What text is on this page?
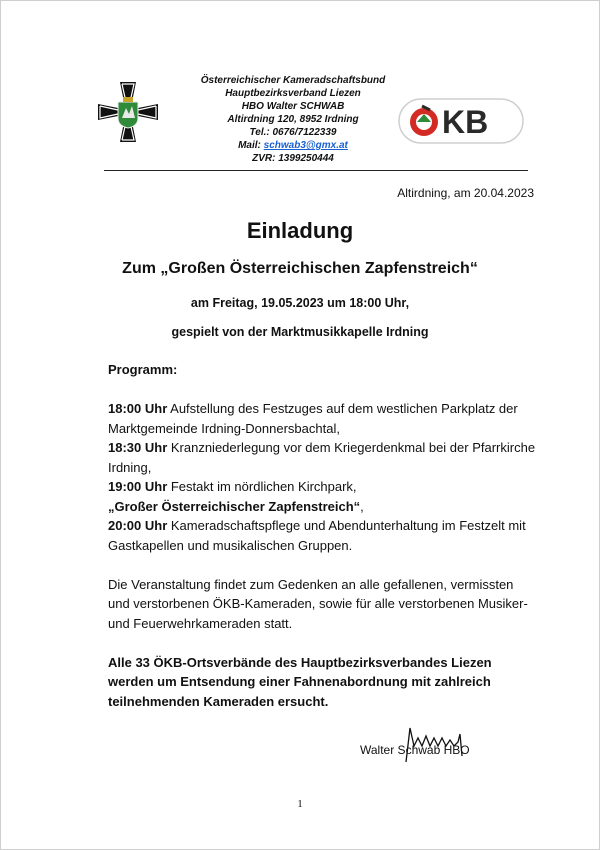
Österreichischer Kameradschaftsbund
Hauptbezirksverband Liezen
HBO Walter SCHWAB
Altirdning 120, 8952 Irdning
Tel.: 0676/7122339
Mail: schwab3@gmx.at
ZVR: 1399250444
KB
Altirdning, am 20.04.2023
Einladung
Zum „Großen Österreichischen Zapfenstreich“
am Freitag, 19.05.2023 um 18:00 Uhr,
gespielt von der Marktmusikkapelle Irdning

Programm:

18:00 Uhr Aufstellung des Festzuges auf dem westlichen Parkplatz der Marktgemeinde Irdning-Donnersbachtal,

18:30 Uhr Kranzniederlegung vor dem Kriegerdenkmal bei der Pfarrkirche Irdning,

19:00 Uhr Festakt im nördlichen Kirchpark,

„Großer Österreichischer Zapfenstreich“,

20:00 Uhr Kameradschaftspflege und Abendunterhaltung im Festzelt mit Gastkapellen und musikalischen Gruppen.

Die Veranstaltung findet zum Gedenken an alle gefallenen, vermissten und verstorbenen ÖKB-Kameraden, sowie für alle verstorbenen Musiker- und Feuerwehrkameraden statt.

Alle 33 ÖKB-Ortsverbände des Hauptbezirksverbandes Liezen werden um Entsendung einer Fahnenabordnung mit zahlreich teilnehmenden Kameraden ersucht.

Walter Schwab HBO
1
